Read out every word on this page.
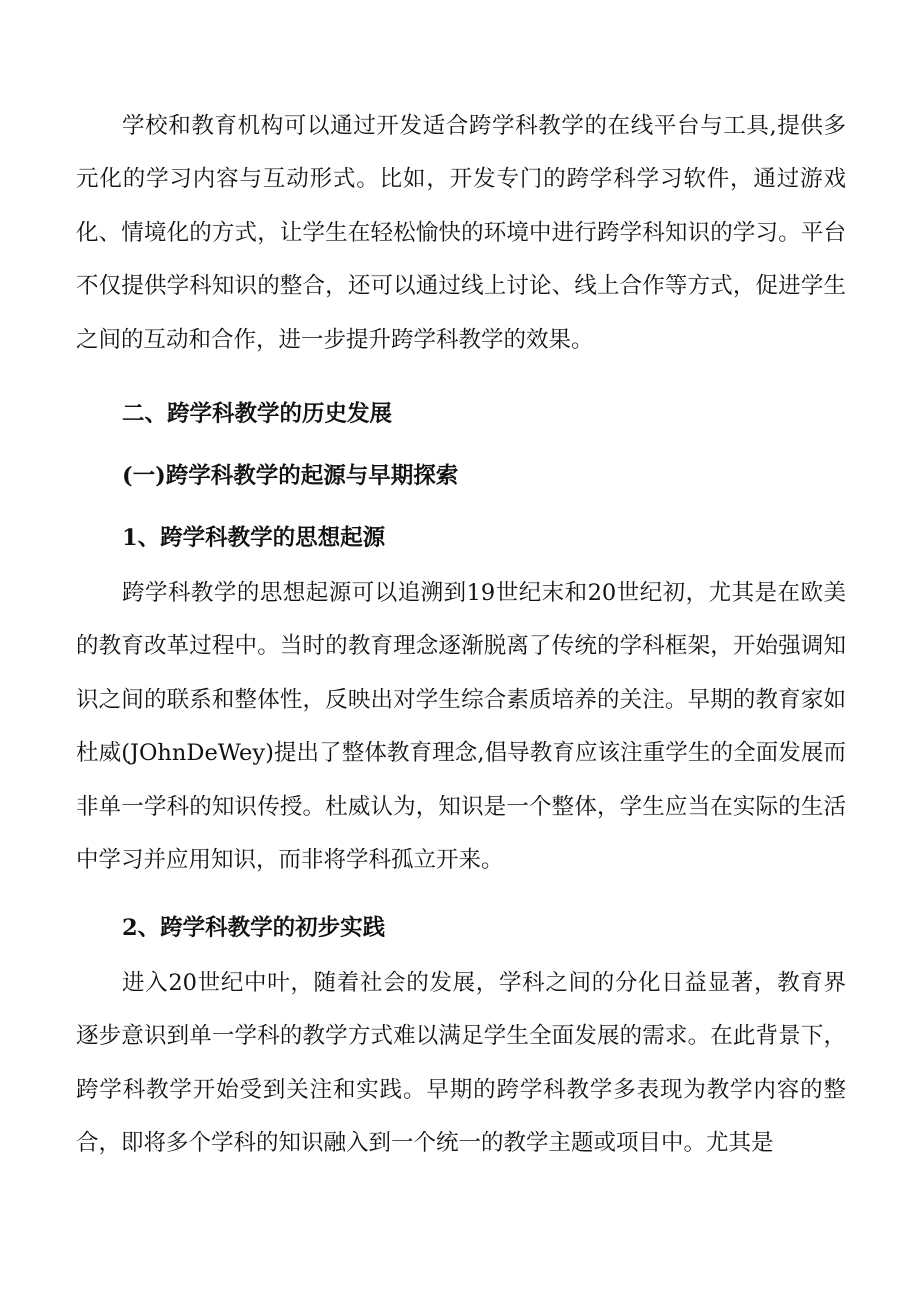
学校和教育机构可以通过开发适合跨学科教学的在线平台与工具,提供多元化的学习内容与互动形式。比如，开发专门的跨学科学习软件，通过游戏化、情境化的方式，让学生在轻松愉快的环境中进行跨学科知识的学习。平台不仅提供学科知识的整合，还可以通过线上讨论、线上合作等方式，促进学生之间的互动和合作，进一步提升跨学科教学的效果。

二、跨学科教学的历史发展
(一)跨学科教学的起源与早期探索
1、跨学科教学的思想起源

跨学科教学的思想起源可以追溯到19世纪末和20世纪初，尤其是在欧美的教育改革过程中。当时的教育理念逐渐脱离了传统的学科框架，开始强调知识之间的联系和整体性，反映出对学生综合素质培养的关注。早期的教育家如杜威(JOhnDeWey)提出了整体教育理念,倡导教育应该注重学生的全面发展而非单一学科的知识传授。杜威认为，知识是一个整体，学生应当在实际的生活中学习并应用知识，而非将学科孤立开来。

2、跨学科教学的初步实践

进入20世纪中叶，随着社会的发展，学科之间的分化日益显著，教育界逐步意识到单一学科的教学方式难以满足学生全面发展的需求。在此背景下，跨学科教学开始受到关注和实践。早期的跨学科教学多表现为教学内容的整合，即将多个学科的知识融入到一个统一的教学主题或项目中。尤其是
